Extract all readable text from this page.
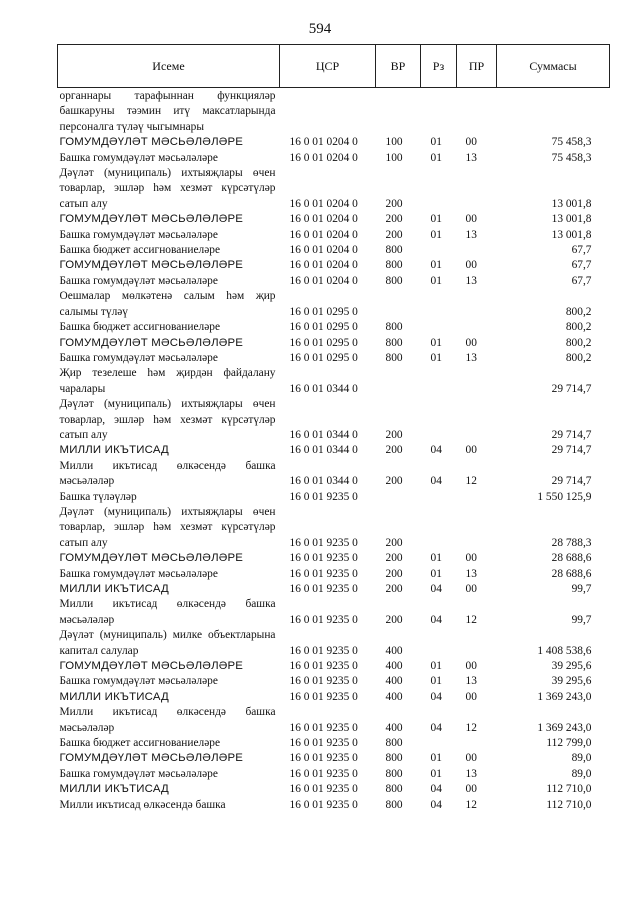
594
Исеме	ЦСР	ВР	Рз	ПР	Суммасы
органнары тарафыннан функцияләр башкаруны тәэмин итү максатларында персоналга түләү чыгымнары					
ГОМУМДӘҮЛӘТ МӘСЬӘЛӘЛӘРЕ	16 0 01 0204 0	100	01	00	75 458,3
Башка гомумдәүләт мәсьәләләре	16 0 01 0204 0	100	01	13	75 458,3
Дәүләт (муниципаль) ихтыяҗлары өчен товарлар, эшләр һәм хезмәт күрсәтүләр сатып алу	16 0 01 0204 0	200			13 001,8
ГОМУМДӘҮЛӘТ МӘСЬӘЛӘЛӘРЕ	16 0 01 0204 0	200	01	00	13 001,8
Башка гомумдәүләт мәсьәләләре	16 0 01 0204 0	200	01	13	13 001,8
Башка бюджет ассигнованиеләре	16 0 01 0204 0	800			67,7
ГОМУМДӘҮЛӘТ МӘСЬӘЛӘЛӘРЕ	16 0 01 0204 0	800	01	00	67,7
Башка гомумдәүләт мәсьәләләре	16 0 01 0204 0	800	01	13	67,7
Оешмалар мөлкәтенә салым һәм җир салымы түләү	16 0 01 0295 0				800,2
Башка бюджет ассигнованиеләре	16 0 01 0295 0	800			800,2
ГОМУМДӘҮЛӘТ МӘСЬӘЛӘЛӘРЕ	16 0 01 0295 0	800	01	00	800,2
Башка гомумдәүләт мәсьәләләре	16 0 01 0295 0	800	01	13	800,2
Җир тезелеше һәм җирдән файдалану чаралары	16 0 01 0344 0				29 714,7
Дәүләт (муниципаль) ихтыяҗлары өчен товарлар, эшләр һәм хезмәт күрсәтүләр сатып алу	16 0 01 0344 0	200			29 714,7
МИЛЛИ ИКЪТИСАД	16 0 01 0344 0	200	04	00	29 714,7
Милли икътисад өлкәсендә башка мәсьәләләр	16 0 01 0344 0	200	04	12	29 714,7
Башка түләүләр	16 0 01 9235 0				1 550 125,9
Дәүләт (муниципаль) ихтыяҗлары өчен товарлар, эшләр һәм хезмәт күрсәтүләр сатып алу	16 0 01 9235 0	200			28 788,3
ГОМУМДӘҮЛӘТ МӘСЬӘЛӘЛӘРЕ	16 0 01 9235 0	200	01	00	28 688,6
Башка гомумдәүләт мәсьәләләре	16 0 01 9235 0	200	01	13	28 688,6
МИЛЛИ ИКЪТИСАД	16 0 01 9235 0	200	04	00	99,7
Милли икътисад өлкәсендә башка мәсьәләләр	16 0 01 9235 0	200	04	12	99,7
Дәүләт (муниципаль) милке объектларына капитал салулар	16 0 01 9235 0	400			1 408 538,6
ГОМУМДӘҮЛӘТ МӘСЬӘЛӘЛӘРЕ	16 0 01 9235 0	400	01	00	39 295,6
Башка гомумдәүләт мәсьәләләре	16 0 01 9235 0	400	01	13	39 295,6
МИЛЛИ ИКЪТИСАД	16 0 01 9235 0	400	04	00	1 369 243,0
Милли икътисад өлкәсендә башка мәсьәләләр	16 0 01 9235 0	400	04	12	1 369 243,0
Башка бюджет ассигнованиеләре	16 0 01 9235 0	800			112 799,0
ГОМУМДӘҮЛӘТ МӘСЬӘЛӘЛӘРЕ	16 0 01 9235 0	800	01	00	89,0
Башка гомумдәүләт мәсьәләләре	16 0 01 9235 0	800	01	13	89,0
МИЛЛИ ИКЪТИСАД	16 0 01 9235 0	800	04	00	112 710,0
Милли икътисад өлкәсендә башка	16 0 01 9235 0	800	04	12	112 710,0
